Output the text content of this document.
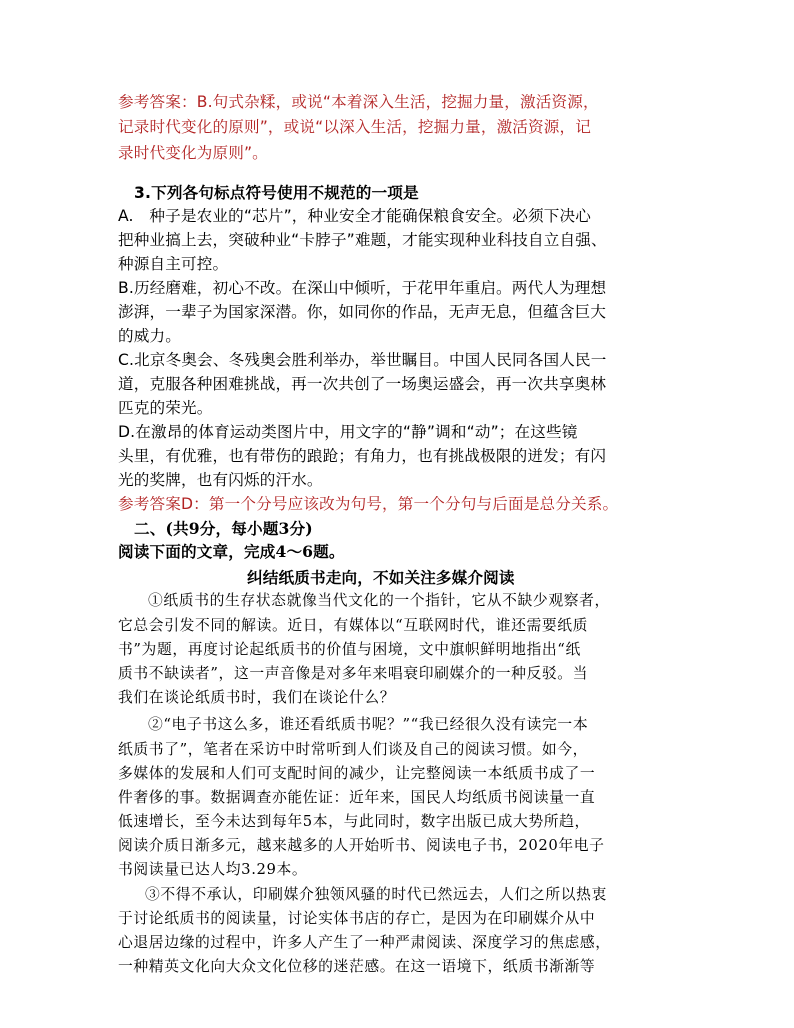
参考答案：B.句式杂糅，或说“本着深入生活，挖掘力量，激活资源，
记录时代变化的原则”，或说“以深入生活，挖掘力量，激活资源，记
录时代变化为原则”。
3.下列各句标点符号使用不规范的一项是
A.　种子是农业的“芯片”，种业安全才能确保粮食安全。必须下决心
把种业搞上去，突破种业“卡脖子”难题，才能实现种业科技自立自强、
种源自主可控。
B.历经磨难，初心不改。在深山中倾听，于花甲年重启。两代人为理想
澎湃，一辈子为国家深潜。你，如同你的作品，无声无息，但蕴含巨大
的威力。
C.北京冬奥会、冬残奥会胜利举办，举世瞩目。中国人民同各国人民一
道，克服各种困难挑战，再一次共创了一场奥运盛会，再一次共享奥林
匹克的荣光。
D.在激昂的体育运动类图片中，用文字的“静”调和“动”；在这些镜
头里，有优雅，也有带伤的踉跄；有角力，也有挑战极限的迸发；有闪
光的奖牌，也有闪烁的汗水。
参考答案D：第一个分号应该改为句号，第一个分句与后面是总分关系。
二、(共9分，每小题3分)
阅读下面的文章，完成4～6题。
纠结纸质书走向，不如关注多媒介阅读
①纸质书的生存状态就像当代文化的一个指针，它从不缺少观察者，
它总会引发不同的解读。近日，有媒体以“互联网时代，谁还需要纸质
书”为题，再度讨论起纸质书的价值与困境，文中旗帜鲜明地指出“纸
质书不缺读者”，这一声音像是对多年来唱衰印刷媒介的一种反驳。当
我们在谈论纸质书时，我们在谈论什么？
②“电子书这么多，谁还看纸质书呢？”“我已经很久没有读完一本
纸质书了”，笔者在采访中时常听到人们谈及自己的阅读习惯。如今，
多媒体的发展和人们可支配时间的减少，让完整阅读一本纸质书成了一
件奢侈的事。数据调查亦能佐证：近年来，国民人均纸质书阅读量一直
低速增长，至今未达到每年5本，与此同时，数字出版已成大势所趋，
阅读介质日渐多元，越来越多的人开始听书、阅读电子书，2020年电子
书阅读量已达人均3.29本。
③不得不承认，印刷媒介独领风骚的时代已然远去，人们之所以热衷
于讨论纸质书的阅读量，讨论实体书店的存亡，是因为在印刷媒介从中
心退居边缘的过程中，许多人产生了一种严肃阅读、深度学习的焦虑感，
一种精英文化向大众文化位移的迷茫感。在这一语境下，纸质书渐渐等
